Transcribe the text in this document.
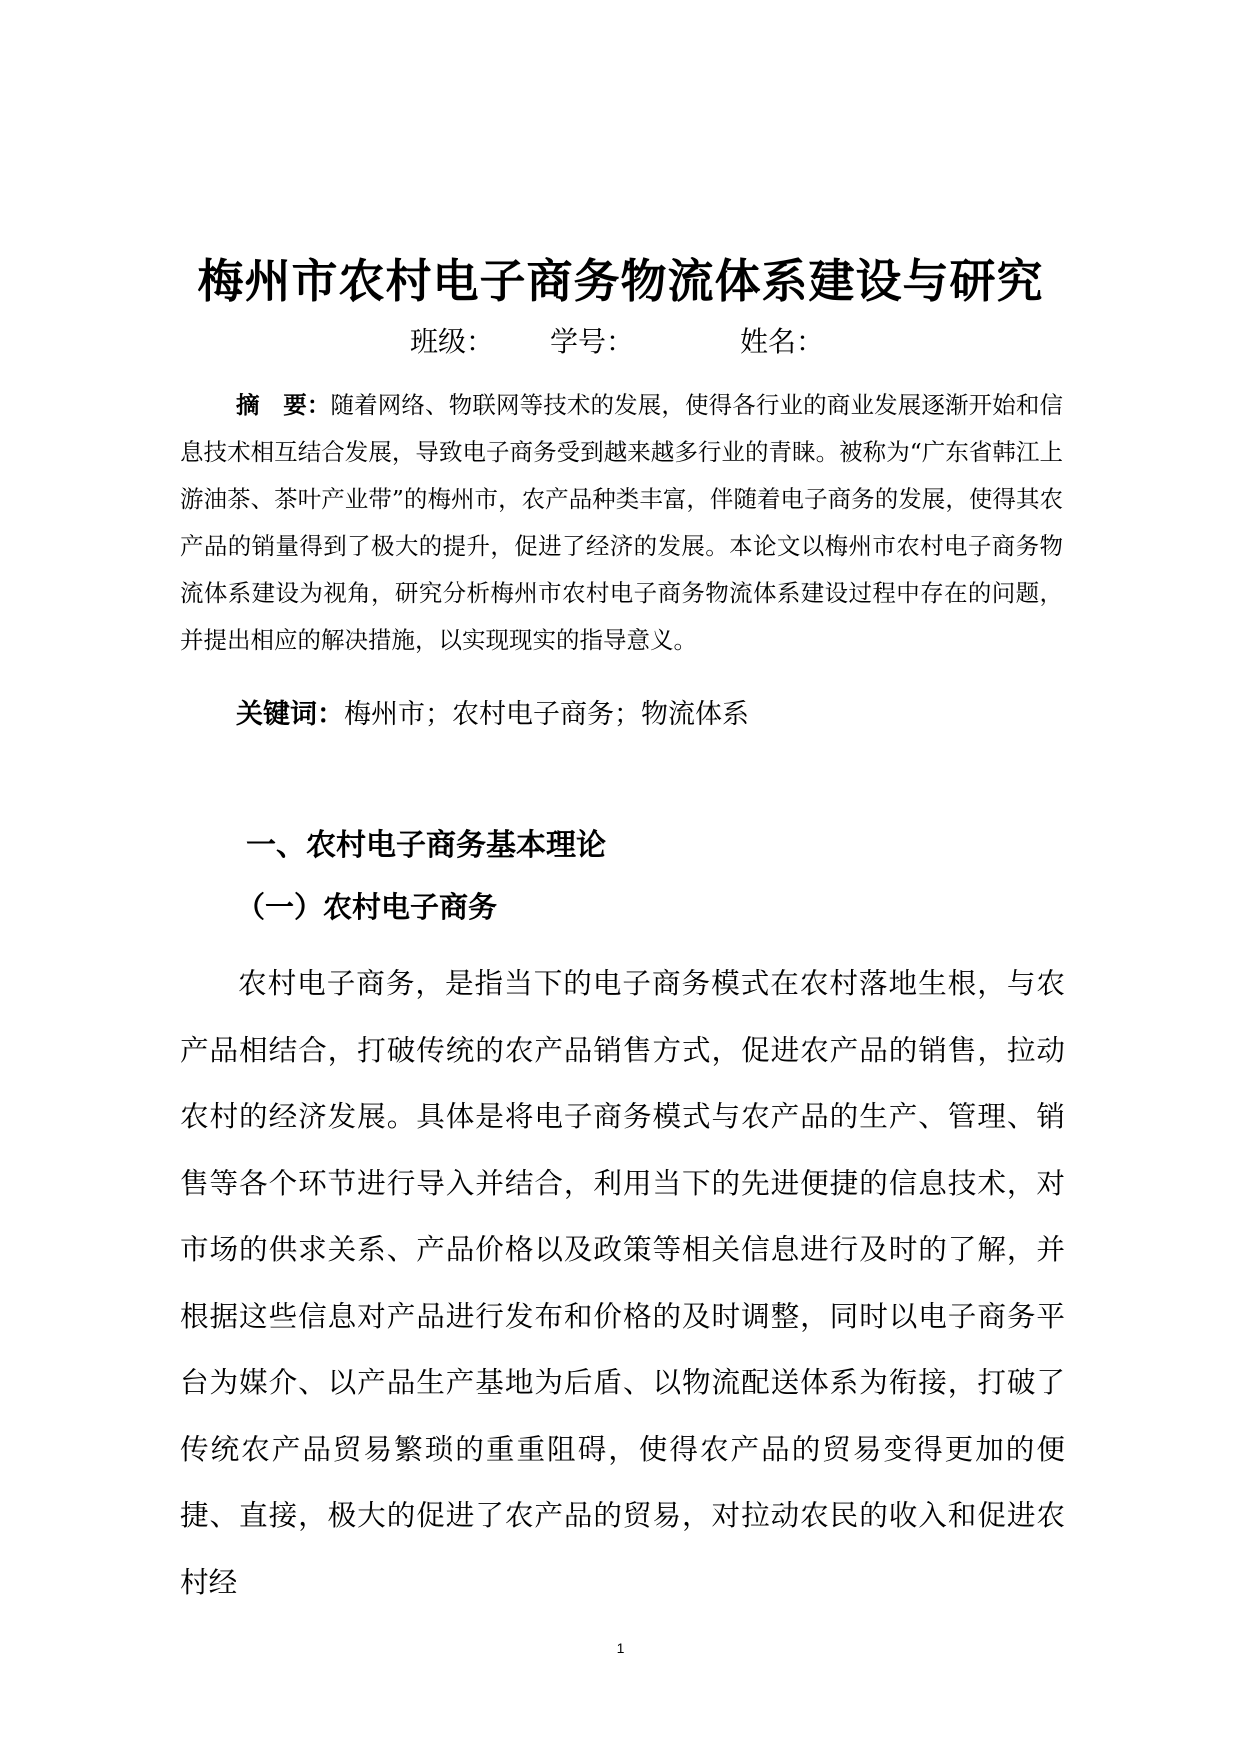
梅州市农村电子商务物流体系建设与研究
班级： 学号：	姓名：

摘　要：随着网络、物联网等技术的发展，使得各行业的商业发展逐渐开始和信息技术相互结合发展，导致电子商务受到越来越多行业的青睐。被称为“广东省韩江上游油茶、茶叶产业带”的梅州市，农产品种类丰富，伴随着电子商务的发展，使得其农产品的销量得到了极大的提升，促进了经济的发展。本论文以梅州市农村电子商务物流体系建设为视角，研究分析梅州市农村电子商务物流体系建设过程中存在的问题，并提出相应的解决措施，以实现现实的指导意义。

关键词：梅州市；农村电子商务；物流体系
一、农村电子商务基本理论
（一）农村电子商务

农村电子商务，是指当下的电子商务模式在农村落地生根，与农产品相结合，打破传统的农产品销售方式，促进农产品的销售，拉动农村的经济发展。具体是将电子商务模式与农产品的生产、管理、销售等各个环节进行导入并结合，利用当下的先进便捷的信息技术，对市场的供求关系、产品价格以及政策等相关信息进行及时的了解，并根据这些信息对产品进行发布和价格的及时调整，同时以电子商务平台为媒介、以产品生产基地为后盾、以物流配送体系为衔接，打破了传统农产品贸易繁琐的重重阻碍，使得农产品的贸易变得更加的便捷、直接，极大的促进了农产品的贸易，对拉动农民的收入和促进农村经

1
